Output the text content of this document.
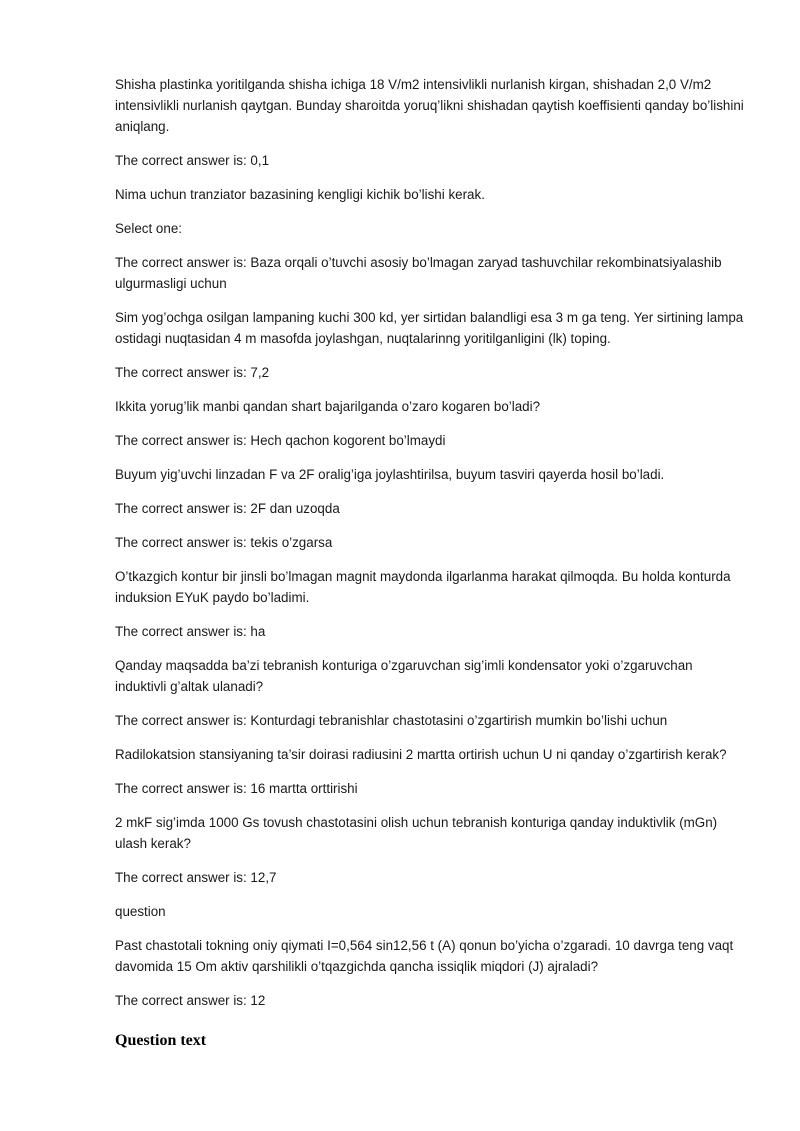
Shisha plastinka yoritilganda shisha ichiga 18 V/m2 intensivlikli nurlanish kirgan, shishadan 2,0 V/m2 intensivlikli nurlanish qaytgan. Bunday sharoitda yoruq’likni shishadan qaytish koeffisienti qanday bo’lishini aniqlang.

The correct answer is: 0,1

Nima uchun tranziator bazasining kengligi kichik bo’lishi kerak.

Select one:

The correct answer is: Baza orqali o’tuvchi asosiy bo’lmagan zaryad tashuvchilar rekombinatsiyalashib ulgurmasligi uchun

Sim yog’ochga osilgan lampaning kuchi 300 kd, yer sirtidan balandligi esa 3 m ga teng. Yer sirtining lampa ostidagi nuqtasidan 4 m masofda joylashgan, nuqtalarinng yoritilganligini (lk) toping.

The correct answer is: 7,2

Ikkita yorug’lik manbi qandan shart bajarilganda o’zaro kogaren bo’ladi?

The correct answer is: Hech qachon kogorent bo’lmaydi

Buyum yig’uvchi linzadan F va 2F oralig’iga joylashtirilsa, buyum tasviri qayerda hosil bo’ladi.

The correct answer is: 2F dan uzoqda

The correct answer is: tekis o’zgarsa

O’tkazgich kontur bir jinsli bo’lmagan magnit maydonda ilgarlanma harakat qilmoqda. Bu holda konturda induksion EYuK paydo bo’ladimi.

The correct answer is: ha

Qanday maqsadda ba’zi tebranish konturiga o’zgaruvchan sig’imli kondensator yoki o’zgaruvchan induktivli g’altak ulanadi?

The correct answer is: Konturdagi tebranishlar chastotasini o’zgartirish mumkin bo’lishi uchun

Radilokatsion stansiyaning ta’sir doirasi radiusini 2 martta ortirish uchun U ni qanday o’zgartirish kerak?

The correct answer is: 16 martta orttirishi

2 mkF sig’imda 1000 Gs tovush chastotasini olish uchun tebranish konturiga qanday induktivlik (mGn) ulash kerak?

The correct answer is: 12,7

question

Past chastotali tokning oniy qiymati I=0,564 sin12,56 t (A) qonun bo’yicha o’zgaradi. 10 davrga teng vaqt davomida 15 Om aktiv qarshilikli o’tqazgichda qancha issiqlik miqdori (J) ajraladi?

The correct answer is: 12

Question text
